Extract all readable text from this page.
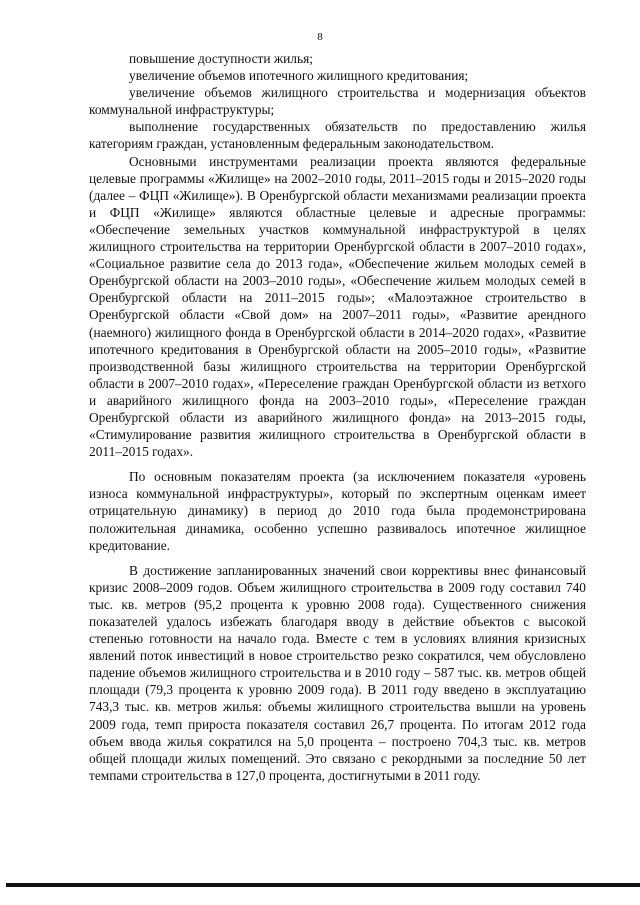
8

повышение доступности жилья;

увеличение объемов ипотечного жилищного кредитования;

увеличение объемов жилищного строительства и модернизация объектов коммунальной инфраструктуры;

выполнение государственных обязательств по предоставлению жилья категориям граждан, установленным федеральным законодательством.

Основными инструментами реализации проекта являются федеральные целевые программы «Жилище» на 2002–2010 годы, 2011–2015 годы и 2015–2020 годы (далее – ФЦП «Жилище»). В Оренбургской области механизмами реализации проекта и ФЦП «Жилище» являются областные целевые и адресные программы: «Обеспечение земельных участков коммунальной инфраструктурой в целях жилищного строительства на территории Оренбургской области в 2007–2010 годах», «Социальное развитие села до 2013 года», «Обеспечение жильем молодых семей в Оренбургской области на 2003–2010 годы», «Обеспечение жильем молодых семей в Оренбургской области на 2011–2015 годы»; «Малоэтажное строительство в Оренбургской области «Свой дом» на 2007–2011 годы», «Развитие арендного (наемного) жилищного фонда в Оренбургской области в 2014–2020 годах», «Развитие ипотечного кредитования в Оренбургской области на 2005–2010 годы», «Развитие производственной базы жилищного строительства на территории Оренбургской области в 2007–2010 годах», «Переселение граждан Оренбургской области из ветхого и аварийного жилищного фонда на 2003–2010 годы», «Переселение граждан Оренбургской области из аварийного жилищного фонда» на 2013–2015 годы, «Стимулирование развития жилищного строительства в Оренбургской области в 2011–2015 годах».

По основным показателям проекта (за исключением показателя «уровень износа коммунальной инфраструктуры», который по экспертным оценкам имеет отрицательную динамику) в период до 2010 года была продемонстрирована положительная динамика, особенно успешно развивалось ипотечное жилищное кредитование.

В достижение запланированных значений свои коррективы внес финансовый кризис 2008–2009 годов. Объем жилищного строительства в 2009 году составил 740 тыс. кв. метров (95,2 процента к уровню 2008 года). Существенного снижения показателей удалось избежать благодаря вводу в действие объектов с высокой степенью готовности на начало года. Вместе с тем в условиях влияния кризисных явлений поток инвестиций в новое строительство резко сократился, чем обусловлено падение объемов жилищного строительства и в 2010 году – 587 тыс. кв. метров общей площади (79,3 процента к уровню 2009 года). В 2011 году введено в эксплуатацию 743,3 тыс. кв. метров жилья: объемы жилищного строительства вышли на уровень 2009 года, темп прироста показателя составил 26,7 процента. По итогам 2012 года объем ввода жилья сократился на 5,0 процента – построено 704,3 тыс. кв. метров общей площади жилых помещений. Это связано с рекордными за последние 50 лет темпами строительства в 127,0 процента, достигнутыми в 2011 году.
